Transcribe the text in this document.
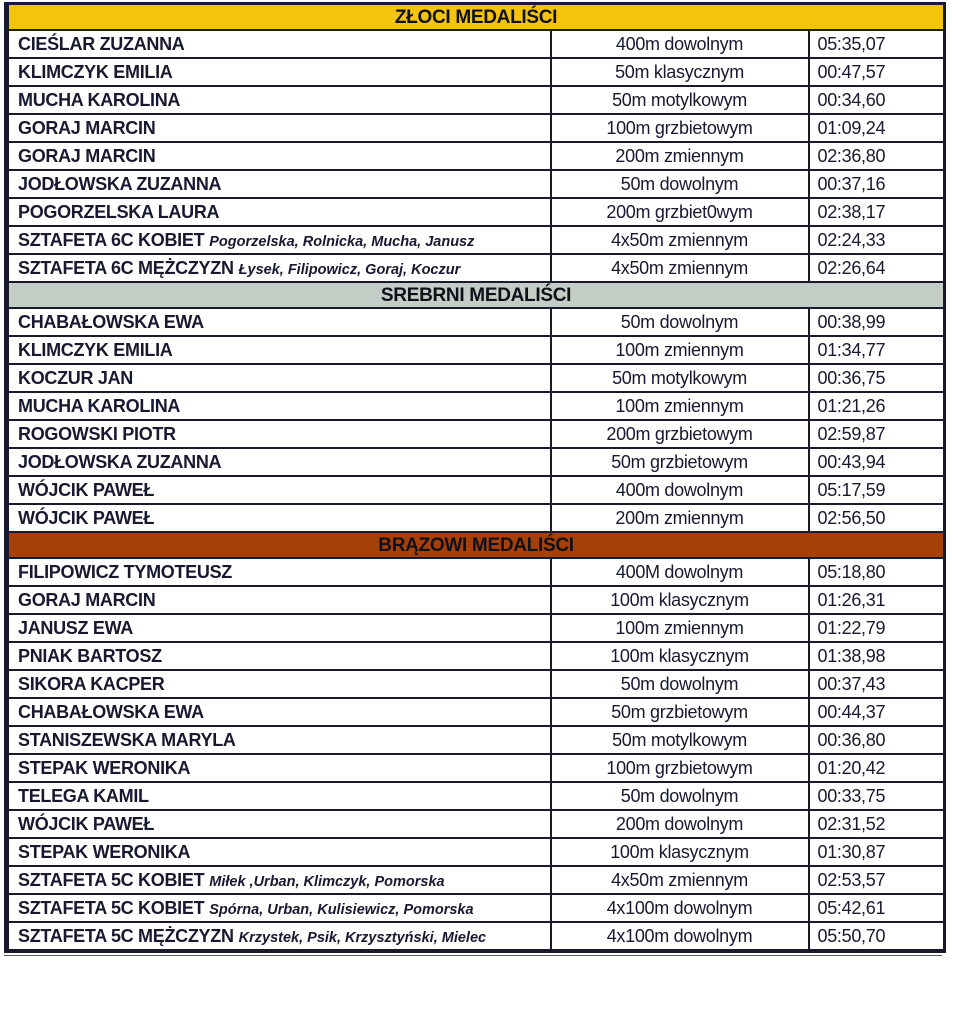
ZŁOCI MEDALIŚCI		
CIEŚLAR ZUZANNA	400m dowolnym	05:35,07
KLIMCZYK EMILIA	50m klasycznym	00:47,57
MUCHA KAROLINA	50m motylkowym	00:34,60
GORAJ MARCIN	100m grzbietowym	01:09,24
GORAJ MARCIN	200m zmiennym	02:36,80
JODŁOWSKA ZUZANNA	50m dowolnym	00:37,16
POGORZELSKA LAURA	200m grzbiet0wym	02:38,17
SZTAFETA 6C KOBIET Pogorzelska, Rolnicka, Mucha, Janusz	4x50m zmiennym	02:24,33
SZTAFETA 6C MĘŻCZYZN Łysek, Filipowicz, Goraj, Koczur	4x50m zmiennym	02:26,64
SREBRNI MEDALIŚCI		
CHABAŁOWSKA EWA	50m dowolnym	00:38,99
KLIMCZYK EMILIA	100m zmiennym	01:34,77
KOCZUR JAN	50m motylkowym	00:36,75
MUCHA KAROLINA	100m zmiennym	01:21,26
ROGOWSKI PIOTR	200m grzbietowym	02:59,87
JODŁOWSKA ZUZANNA	50m grzbietowym	00:43,94
WÓJCIK PAWEŁ	400m dowolnym	05:17,59
WÓJCIK PAWEŁ	200m zmiennym	02:56,50
BRĄZOWI MEDALIŚCI		
FILIPOWICZ TYMOTEUSZ	400M dowolnym	05:18,80
GORAJ MARCIN	100m klasycznym	01:26,31
JANUSZ EWA	100m zmiennym	01:22,79
PNIAK BARTOSZ	100m klasycznym	01:38,98
SIKORA KACPER	50m dowolnym	00:37,43
CHABAŁOWSKA EWA	50m grzbietowym	00:44,37
STANISZEWSKA MARYLA	50m motylkowym	00:36,80
STEPAK WERONIKA	100m grzbietowym	01:20,42
TELEGA KAMIL	50m dowolnym	00:33,75
WÓJCIK PAWEŁ	200m dowolnym	02:31,52
STEPAK WERONIKA	100m klasycznym	01:30,87
SZTAFETA 5C KOBIET Miłek ,Urban, Klimczyk, Pomorska	4x50m zmiennym	02:53,57
SZTAFETA 5C KOBIET Spórna, Urban, Kulisiewicz, Pomorska	4x100m dowolnym	05:42,61
SZTAFETA 5C MĘŻCZYZN Krzystek, Psik, Krzysztyński, Mielec	4x100m dowolnym	05:50,70
